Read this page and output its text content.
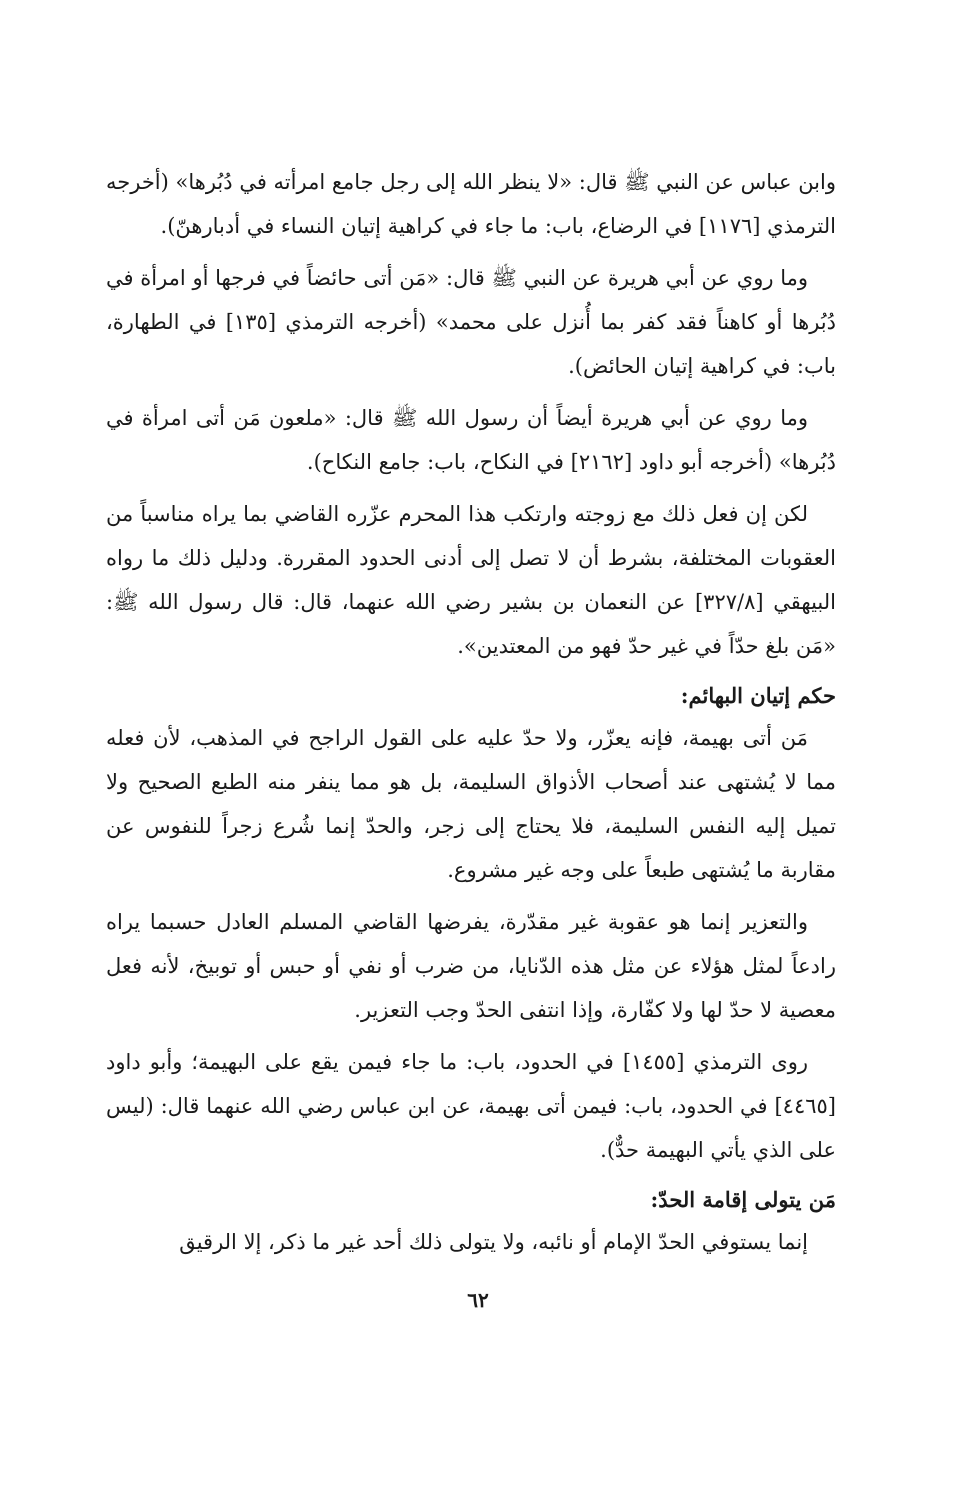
وابن عباس عن النبي ﷺ قال: «لا ينظر الله إلى رجل جامع امرأته في دُبُرها» (أخرجه الترمذي [١١٧٦] في الرضاع، باب: ما جاء في كراهية إتيان النساء في أدبارهنّ).

وما روي عن أبي هريرة عن النبي ﷺ قال: «مَن أتى حائضاً في فرجها أو امرأة في دُبُرها أو كاهناً فقد كفر بما أُنزل على محمد» (أخرجه الترمذي [١٣٥] في الطهارة، باب: في كراهية إتيان الحائض).

وما روي عن أبي هريرة أيضاً أن رسول الله ﷺ قال: «ملعون مَن أتى امرأة في دُبُرها» (أخرجه أبو داود [٢١٦٢] في النكاح، باب: جامع النكاح).

لكن إن فعل ذلك مع زوجته وارتكب هذا المحرم عزّره القاضي بما يراه مناسباً من العقوبات المختلفة، بشرط أن لا تصل إلى أدنى الحدود المقررة. ودليل ذلك ما رواه البيهقي [٣٢٧/٨] عن النعمان بن بشير رضي الله عنهما، قال: قال رسول الله ﷺ: «مَن بلغ حدّاً في غير حدّ فهو من المعتدين».

حكم إتيان البهائم:

مَن أتى بهيمة، فإنه يعزّر، ولا حدّ عليه على القول الراجح في المذهب، لأن فعله مما لا يُشتهى عند أصحاب الأذواق السليمة، بل هو مما ينفر منه الطبع الصحيح ولا تميل إليه النفس السليمة، فلا يحتاج إلى زجر، والحدّ إنما شُرع زجراً للنفوس عن مقاربة ما يُشتهى طبعاً على وجه غير مشروع.

والتعزير إنما هو عقوبة غير مقدّرة، يفرضها القاضي المسلم العادل حسبما يراه رادعاً لمثل هؤلاء عن مثل هذه الدّنايا، من ضرب أو نفي أو حبس أو توبيخ، لأنه فعل معصية لا حدّ لها ولا كفّارة، وإذا انتفى الحدّ وجب التعزير.

روى الترمذي [١٤٥٥] في الحدود، باب: ما جاء فيمن يقع على البهيمة؛ وأبو داود [٤٤٦٥] في الحدود، باب: فيمن أتى بهيمة، عن ابن عباس رضي الله عنهما قال: (ليس على الذي يأتي البهيمة حدٌّ).

مَن يتولى إقامة الحدّ:

إنما يستوفي الحدّ الإمام أو نائبه، ولا يتولى ذلك أحد غير ما ذكر، إلا الرقيق

٦٢
